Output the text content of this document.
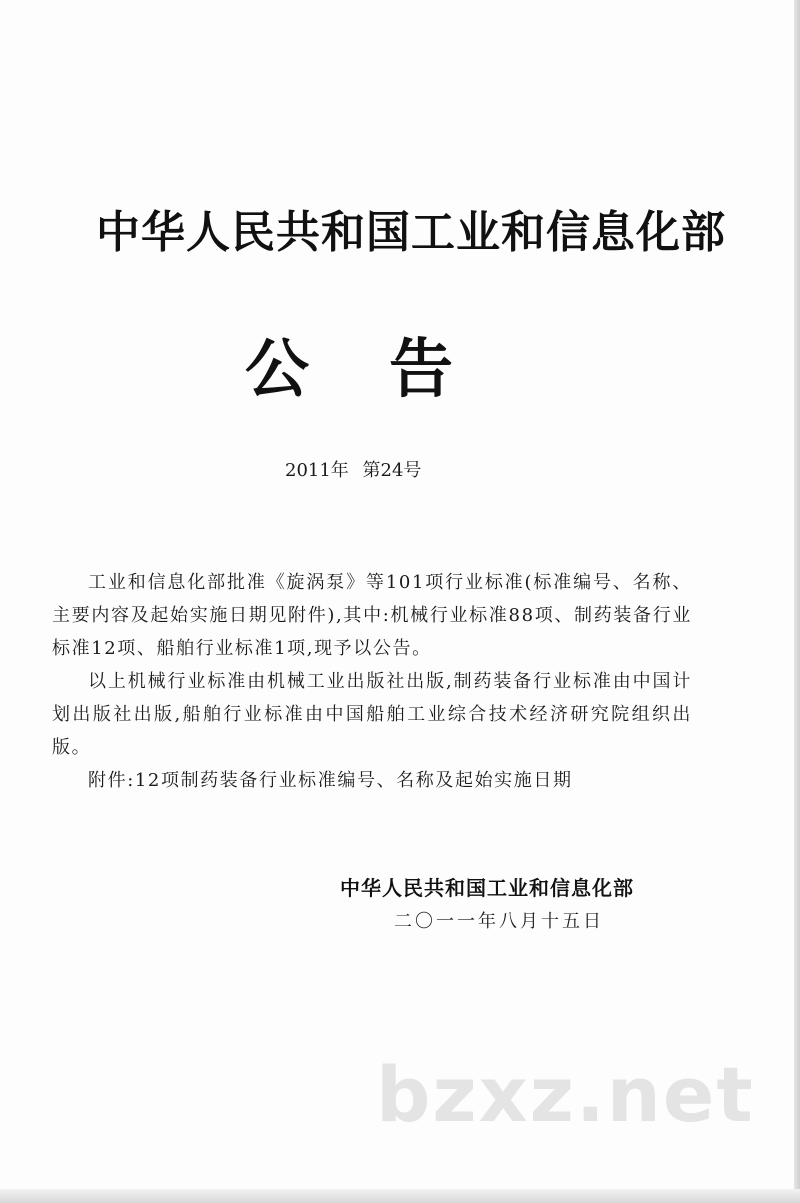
中华人民共和国工业和信息化部
公告
2011年 第24号

工业和信息化部批准《旋涡泵》等101项行业标准(标准编号、名称、主要内容及起始实施日期见附件),其中:机械行业标准88项、制药装备行业标准12项、船舶行业标准1项,现予以公告。

以上机械行业标准由机械工业出版社出版,制药装备行业标准由中国计划出版社出版,船舶行业标准由中国船舶工业综合技术经济研究院组织出版。

附件:12项制药装备行业标准编号、名称及起始实施日期

中华人民共和国工业和信息化部
二〇一一年八月十五日
bzxz.net
